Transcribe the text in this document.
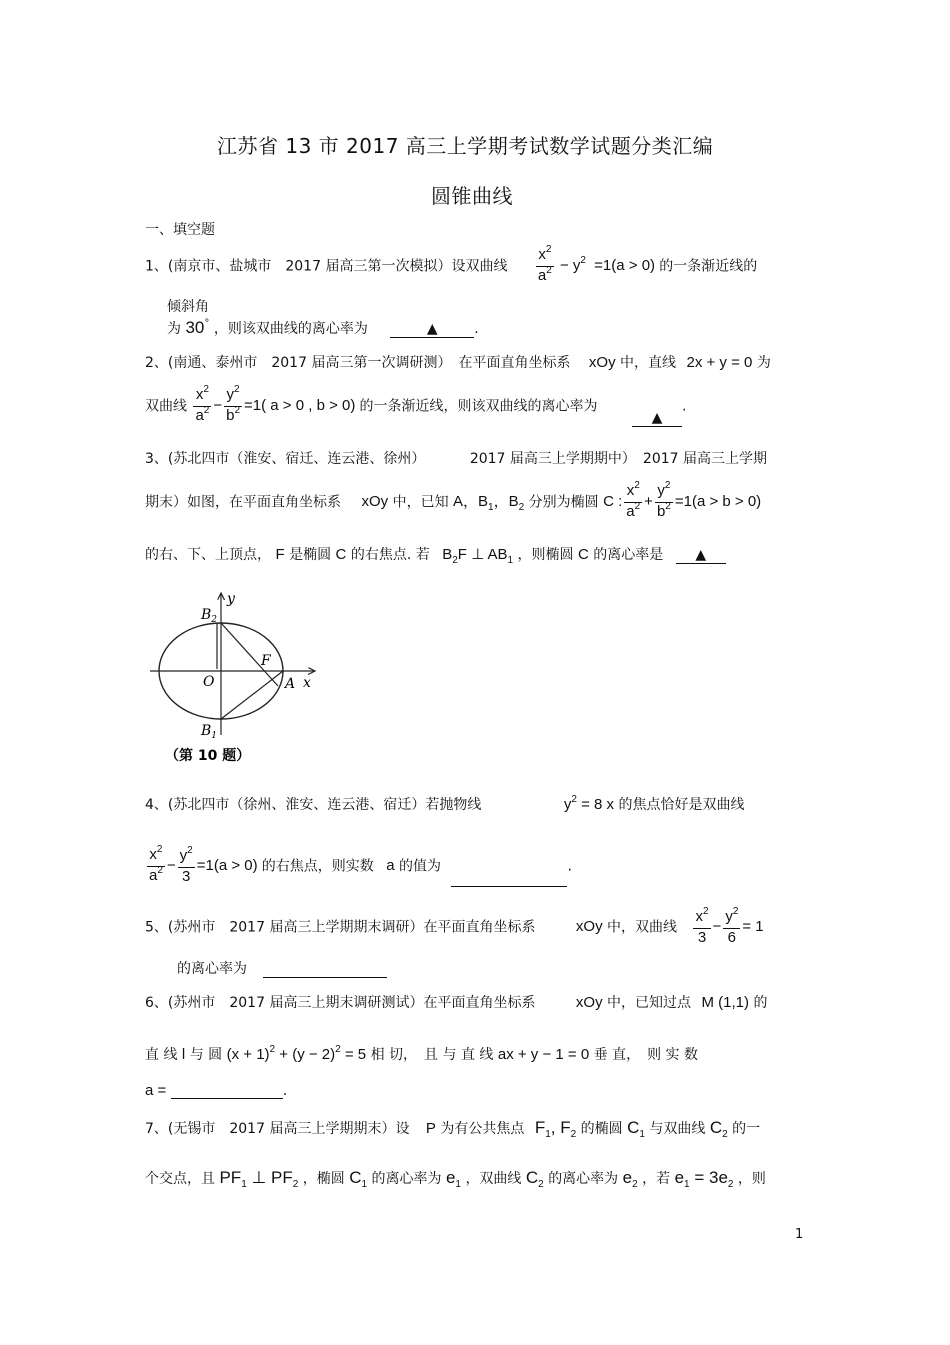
江苏省 13 市 2017 高三上学期考试数学试题分类汇编
圆锥曲线
一、填空题
1、(南京市、盐城市　2017 届高三第一次模拟）设双曲线 $\frac{x^2}{a^2} - y^2 =1(a > 0)$ 的一条渐近线的
倾斜角
为 30° ，则该双曲线的离心率为	▲	.
2、(南通、泰州市　2017 届高三第一次调研测）　在平面直角坐标系 xOy 中，直线 2x + y = 0 为
双曲线 $\frac{x^2}{a^2} - \frac{y^2}{b^2} =1$( a > 0 , b > 0) 的一条渐近线，则该双曲线的离心率为 ▲.
3、(苏北四市（淮安、宿迁、连云港、徐州）	2017 届高三上学期期中）　2017 届高三上学期
期末）如图，在平面直角坐标系 xOy 中，已知 A，$B_1$，$B_2$ 分别为椭圆 C : $\frac{x^2}{a^2} + \frac{y^2}{b^2} =1(a > b > 0)$
的右、下、上顶点， F 是椭圆 C 的右焦点. 若 $B_2F$ ⊥ $AB_1$ ，则椭圆 C 的离心率是 ▲
y
x
$B_2$
$B_1$
O
F
A
（第 10 题）
4、(苏北四市（徐州、淮安、连云港、宿迁）若抛物线	$y^2 = 8$ x 的焦点恰好是双曲线
$\frac{x^2}{a^2} - \frac{y^2}{3} =1(a > 0)$ 的右焦点，则实数 a 的值为	.
5、(苏州市　2017 届高三上学期期末调研）在平面直角坐标系	xOy 中，双曲线 $\frac{x^2}{3} - \frac{y^2}{6} = 1$
的离心率为
6、(苏州市　2017 届高三上期末调研测试）在平面直角坐标系	xOy 中，已知过点 M (1,1) 的
直 线 l 与 圆 $(x + 1)^2 + (y - 2)^2 = 5$ 相 切，　且 与 直 线 ax + y − 1 = 0 垂 直，　则 实 数
a =	.
7、(无锡市　2017 届高三上学期期末）设 P 为有公共焦点 $F_1$, $F_2$ 的椭圆 $C_1$ 与双曲线 $C_2$ 的一
个交点，且 $PF_1$ ⊥ $PF_2$ ，椭圆 $C_1$ 的离心率为 $e_1$ ，双曲线 $C_2$ 的离心率为 $e_2$ ，若 $e_1 = 3e_2$ ，则
1
